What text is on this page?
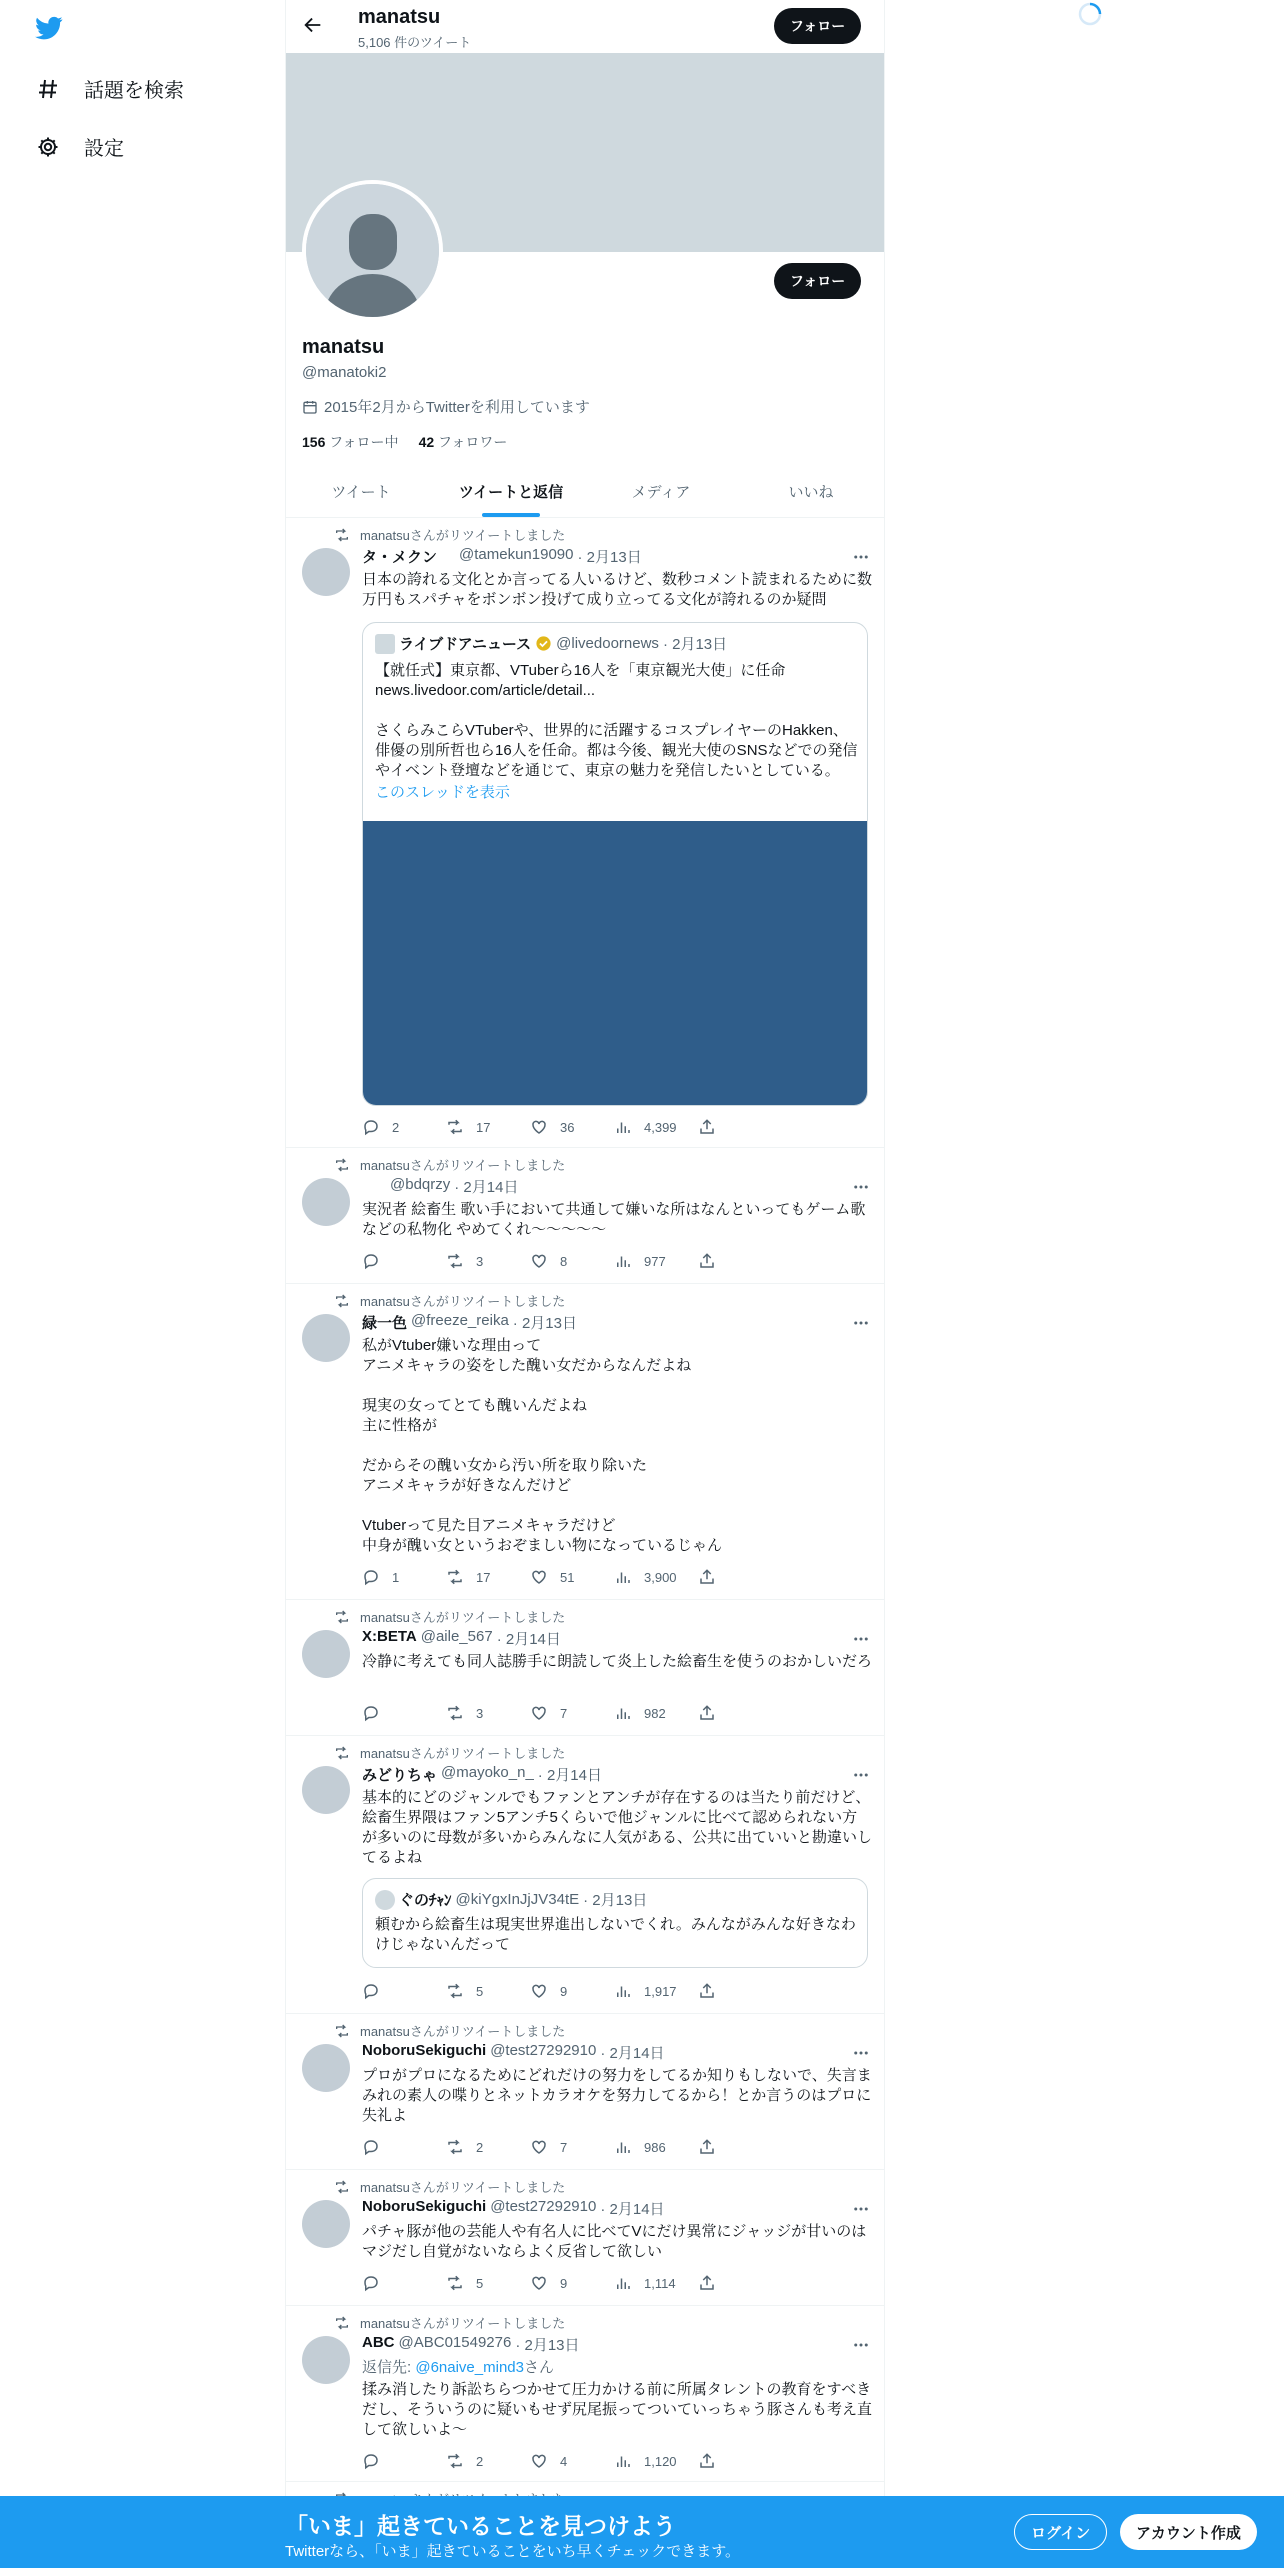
話題を検索
設定
manatsu
5,106 件のツイート
フォロー
フォロー
manatsu
@manatoki2
2015年2月からTwitterを利用しています
156 フォロー中 42 フォロワー
ツイート	ツイートと返信	メディア	いいね
manatsuさんがリツイートしました
タ・メクン @tamekun19090 · 2月13日
日本の誇れる文化とか言ってる人いるけど、数秒コメント読まれるために数万円もスパチャをボンボン投げて成り立ってる文化が誇れるのか疑問
ライブドアニュース @livedoornews · 2月13日
【就任式】東京都、VTuberら16人を「東京観光大使」に任命
news.livedoor.com/article/detail...

さくらみこらVTuberや、世界的に活躍するコスプレイヤーのHakken、俳優の別所哲也ら16人を任命。都は今後、観光大使のSNSなどでの発信やイベント登壇などを通じて、東京の魅力を発信したいとしている。
このスレッドを表示
2	17	36	4,399
manatsuさんがリツイートしました
@bdqrzy · 2月14日
実況者 絵畜生 歌い手において共通して嫌いな所はなんといってもゲーム歌などの私物化 やめてくれ〜〜〜〜〜
3	8	977
manatsuさんがリツイートしました
緑一色 @freeze_reika · 2月13日
私がVtuber嫌いな理由って
アニメキャラの姿をした醜い女だからなんだよね

現実の女ってとても醜いんだよね
主に性格が

だからその醜い女から汚い所を取り除いた
アニメキャラが好きなんだけど

Vtuberって見た目アニメキャラだけど
中身が醜い女というおぞましい物になっているじゃん
1	17	51	3,900
manatsuさんがリツイートしました
X:BETA @aile_567 · 2月14日
冷静に考えても同人誌勝手に朗読して炎上した絵畜生を使うのおかしいだろ
3	7	982
manatsuさんがリツイートしました
みどりちゃ @mayoko_n_ · 2月14日
基本的にどのジャンルでもファンとアンチが存在するのは当たり前だけど、絵畜生界隈はファン5アンチ5くらいで他ジャンルに比べて認められない方が多いのに母数が多いからみんなに人気がある、公共に出ていいと勘違いしてるよね
ぐのﾁｬﾝ @kiYgxInJjJV34tE · 2月13日
頼むから絵畜生は現実世界進出しないでくれ。みんながみんな好きなわけじゃないんだって
5	9	1,917
manatsuさんがリツイートしました
NoboruSekiguchi @test27292910 · 2月14日
プロがプロになるためにどれだけの努力をしてるか知りもしないで、失言まみれの素人の喋りとネットカラオケを努力してるから！とか言うのはプロに失礼よ
2	7	986
manatsuさんがリツイートしました
NoboruSekiguchi @test27292910 · 2月14日
パチャ豚が他の芸能人や有名人に比べてVにだけ異常にジャッジが甘いのはマジだし自覚がないならよく反省して欲しい
5	9	1,114
manatsuさんがリツイートしました
ABC @ABC01549276 · 2月13日
返信先: @6naive_mind3さん
揉み消したり訴訟ちらつかせて圧力かける前に所属タレントの教育をすべきだし、そういうのに疑いもせず尻尾振ってついていっちゃう豚さんも考え直して欲しいよ〜
2	4	1,120
「いま」起きていることを見つけよう
Twitterなら、「いま」起きていることをいち早くチェックできます。
ログイン	アカウント作成
